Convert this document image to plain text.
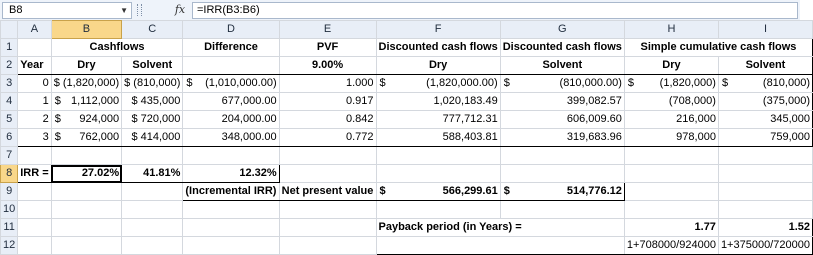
B8	▼	fx =IRR(B3:B6)
	A	B	C	D	E	F	G	H	I
1		Cashflows		Difference	PVF	Discounted cash flows	Discounted cash flows	Simple cumulative cash flows	
2	Year	Dry	Solvent		9.00%	Dry	Solvent	Dry	Solvent
3	0	$ (1,820,000)	$ (810,000)	$ (1,010,000.00)	1.000	$ (1,820,000.00)	$ (810,000.00)	$ (1,820,000)	$ (810,000)

4	1	$ 1,112,000	$ 435,000	677,000.00	0.917	1,020,183.49	399,082.57	(708,000)	(375,000)
5	2	$ 924,000	$ 720,000	204,000.00	0.842	777,712.31	606,009.60	216,000	345,000
6	3	$ 762,000	$ 414,000	348,000.00	0.772	588,403.81	319,683.96	978,000	759,000
7									
8	IRR =	27.02%	41.81%	12.32%					
9				(Incremental IRR)	Net present value	$ 566,299.61	$ 514,776.12		

10									
11						Payback period (in Years) =		1.77	1.52
12								1+708000/924000	1+375000/720000
